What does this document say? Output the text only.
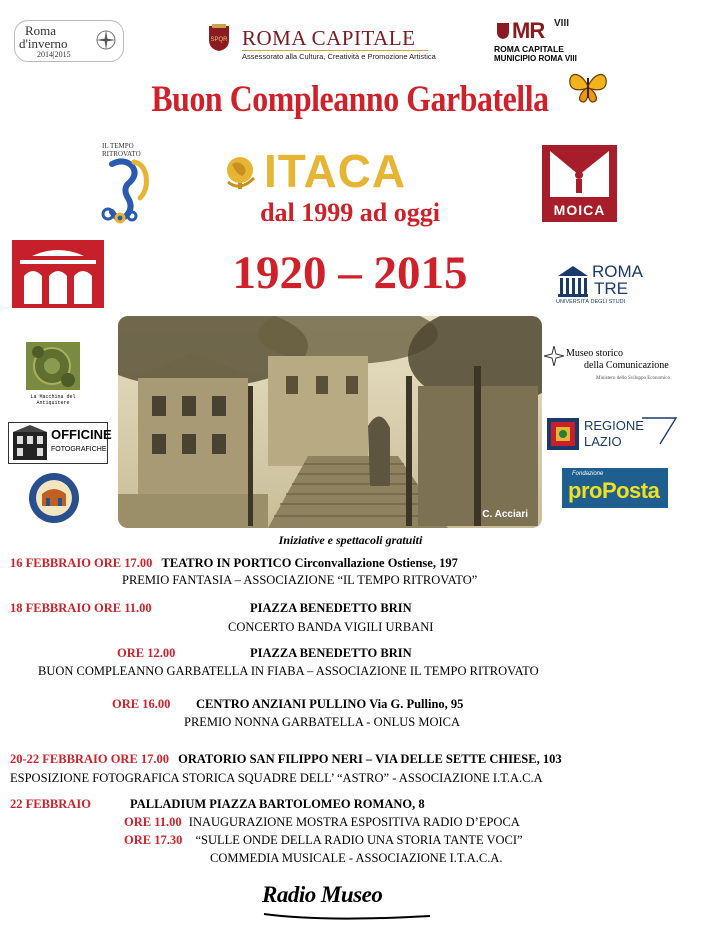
Roma
d'inverno
2014|2015
SPQR ROMA CAPITALE
Assessorato alla Cultura, Creatività e Promozione Artistica
MR VIII
ROMA CAPITALE
MUNICIPIO ROMA VIII
Buon Compleanno Garbatella
ITACA
dal 1999 ad oggi
1920 – 2015
IL TEMPO
RITROVATO
MOICA
ROMA
TRE
UNIVERSITÀ DEGLI STUDI
La Macchina del Antiquitere
OFFICINE
FOTOGRAFICHE
Museo storico
della Comunicazione
Ministero dello Sviluppo Economico
REGIONE
LAZIO
Fondazione
proPosta
C. Acciari
Iniziative e spettacoli gratuiti
16 FEBBRAIO ORE 17.00 TEATRO IN PORTICO Circonvallazione Ostiense, 197
PREMIO FANTASIA – ASSOCIAZIONE “IL TEMPO RITROVATO”
18 FEBBRAIO ORE 11.00	PIAZZA BENEDETTO BRIN
CONCERTO BANDA VIGILI URBANI
ORE 12.00	PIAZZA BENEDETTO BRIN
BUON COMPLEANNO GARBATELLA IN FIABA – ASSOCIAZIONE IL TEMPO RITROVATO
ORE 16.00 CENTRO ANZIANI PULLINO Via G. Pullino, 95
PREMIO NONNA GARBATELLA - ONLUS MOICA
20-22 FEBBRAIO ORE 17.00 ORATORIO SAN FILIPPO NERI – VIA DELLE SETTE CHIESE, 103
ESPOSIZIONE FOTOGRAFICA STORICA SQUADRE DELL’ “ASTRO” - ASSOCIAZIONE I.T.A.C.A
22 FEBBRAIO	PALLADIUM PIAZZA BARTOLOMEO ROMANO, 8
ORE 11.00 INAUGURAZIONE MOSTRA ESPOSITIVA RADIO D’EPOCA
ORE 17.30 “SULLE ONDE DELLA RADIO UNA STORIA TANTE VOCI”
COMMEDIA MUSICALE - ASSOCIAZIONE I.T.A.C.A.
Radio Museo
